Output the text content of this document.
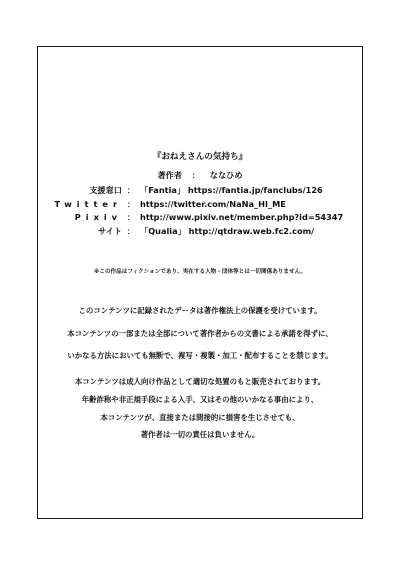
『おねえさんの気持ち』
著作者 ： ななひめ
支援窓口 ： 「Fantia」 https://fantia.jp/fanclubs/126
Twitter ： https://twitter.com/NaNa_HI_ME
Pixiv ： http://www.pixiv.net/member.php?id=54347
サイト ： 「Qualia」 http://qtdraw.web.fc2.com/
※この作品はフィクションであり、実在する人物・団体等とは一切関係ありません。
このコンテンツに記録されたデータは著作権法上の保護を受けています。
本コンテンツの一部または全部について著作者からの文書による承諾を得ずに、
いかなる方法においても無断で、複写・複製・加工・配布することを禁じます。
本コンテンツは成人向け作品として適切な処置のもと販売されております。
年齢詐称や非正規手段による入手、又はその他のいかなる事由により、
本コンテンツが、直接または間接的に損害を生じさせても、
著作者は一切の責任は負いません。
